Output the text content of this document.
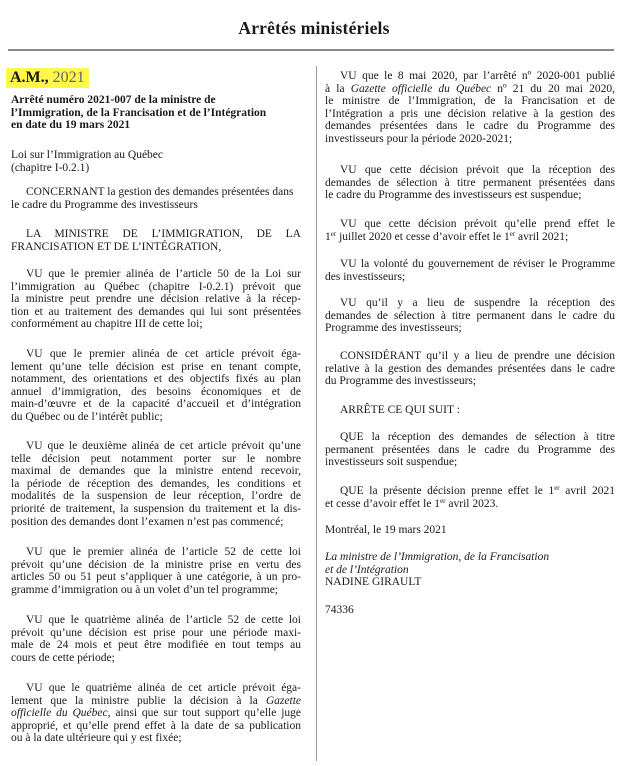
Arrêtés ministériels
A.M., 2021
Arrêté numéro 2021-007 de la ministre de
l’Immigration, de la Francisation et de l’Intégration
en date du 19 mars 2021
Loi sur l’Immigration au Québec
(chapitre I-0.2.1)
CONCERNANT la gestion des demandes présentées dans
le cadre du Programme des investisseurs
LA MINISTRE DE L’IMMIGRATION, DE LA
FRANCISATION ET DE L’INTÉGRATION,
VU que le premier alinéa de l’article 50 de la Loi sur
l’immigration au Québec (chapitre I-0.2.1) prévoit que
la ministre peut prendre une décision relative à la récep-
tion et au traitement des demandes qui lui sont présentées
conformément au chapitre III de cette loi;
VU que le premier alinéa de cet article prévoit éga-
lement qu’une telle décision est prise en tenant compte,
notamment, des orientations et des objectifs fixés au plan
annuel d’immigration, des besoins économiques et de
main-d’œuvre et de la capacité d’accueil et d’intégration
du Québec ou de l’intérêt public;
VU que le deuxième alinéa de cet article prévoit qu’une
telle décision peut notamment porter sur le nombre
maximal de demandes que la ministre entend recevoir,
la période de réception des demandes, les conditions et
modalités de la suspension de leur réception, l’ordre de
priorité de traitement, la suspension du traitement et la dis-
position des demandes dont l’examen n’est pas commencé;
VU que le premier alinéa de l’article 52 de cette loi
prévoit qu’une décision de la ministre prise en vertu des
articles 50 ou 51 peut s’appliquer à une catégorie, à un pro-
gramme d’immigration ou à un volet d’un tel programme;
VU que le quatrième alinéa de l’article 52 de cette loi
prévoit qu’une décision est prise pour une période maxi-
male de 24 mois et peut être modifiée en tout temps au
cours de cette période;
VU que le quatrième alinéa de cet article prévoit éga-
lement que la ministre publie la décision à la Gazette
officielle du Québec, ainsi que sur tout support qu’elle juge
approprié, et qu’elle prend effet à la date de sa publication
ou à la date ultérieure qui y est fixée;
VU que le 8 mai 2020, par l’arrêté nº 2020-001 publié
à la Gazette officielle du Québec nº 21 du 20 mai 2020,
le ministre de l’Immigration, de la Francisation et de
l’Intégration a pris une décision relative à la gestion des
demandes présentées dans le cadre du Programme des
investisseurs pour la période 2020-2021;
VU que cette décision prévoit que la réception des
demandes de sélection à titre permanent présentées dans
le cadre du Programme des investisseurs est suspendue;
VU que cette décision prévoit qu’elle prend effet le
1er juillet 2020 et cesse d’avoir effet le 1er avril 2021;
VU la volonté du gouvernement de réviser le Programme
des investisseurs;
VU qu’il y a lieu de suspendre la réception des
demandes de sélection à titre permanent dans le cadre du
Programme des investisseurs;
CONSIDÉRANT qu’il y a lieu de prendre une décision
relative à la gestion des demandes présentées dans le cadre
du Programme des investisseurs;
ARRÊTE CE QUI SUIT :
QUE la réception des demandes de sélection à titre
permanent présentées dans le cadre du Programme des
investisseurs soit suspendue;
QUE la présente décision prenne effet le 1er avril 2021
et cesse d’avoir effet le 1er avril 2023.
Montréal, le 19 mars 2021
La ministre de l’Immigration, de la Francisation
et de l’Intégration
NADINE GIRAULT
74336
